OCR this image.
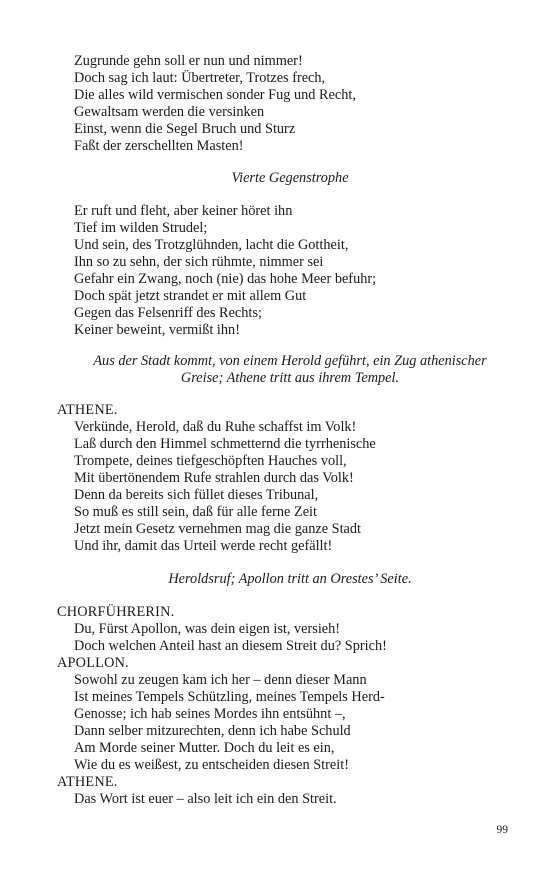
Zugrunde gehn soll er nun und nimmer!
Doch sag ich laut: Übertreter, Trotzes frech,
Die alles wild vermischen sonder Fug und Recht,
Gewaltsam werden die versinken
Einst, wenn die Segel Bruch und Sturz
Faßt der zerschellten Masten!
Vierte Gegenstrophe
Er ruft und fleht, aber keiner höret ihn
Tief im wilden Strudel;
Und sein, des Trotzglühnden, lacht die Gottheit,
Ihn so zu sehn, der sich rühmte, nimmer sei
Gefahr ein Zwang, noch (nie) das hohe Meer befuhr;
Doch spät jetzt strandet er mit allem Gut
Gegen das Felsenriff des Rechts;
Keiner beweint, vermißt ihn!
Aus der Stadt kommt, von einem Herold geführt, ein Zug athenischer
Greise; Athene tritt aus ihrem Tempel.
ATHENE.
Verkünde, Herold, daß du Ruhe schaffst im Volk!
Laß durch den Himmel schmetternd die tyrrhenische
Trompete, deines tiefgeschöpften Hauches voll,
Mit übertönendem Rufe strahlen durch das Volk!
Denn da bereits sich füllet dieses Tribunal,
So muß es still sein, daß für alle ferne Zeit
Jetzt mein Gesetz vernehmen mag die ganze Stadt
Und ihr, damit das Urteil werde recht gefällt!
Heroldsruf; Apollon tritt an Orestes’ Seite.
CHORFÜHRERIN.
Du, Fürst Apollon, was dein eigen ist, versieh!
Doch welchen Anteil hast an diesem Streit du? Sprich!
APOLLON.
Sowohl zu zeugen kam ich her – denn dieser Mann
Ist meines Tempels Schützling, meines Tempels Herd-
Genosse; ich hab seines Mordes ihn entsühnt –,
Dann selber mitzurechten, denn ich habe Schuld
Am Morde seiner Mutter. Doch du leit es ein,
Wie du es weißest, zu entscheiden diesen Streit!
ATHENE.
Das Wort ist euer – also leit ich ein den Streit.
99
